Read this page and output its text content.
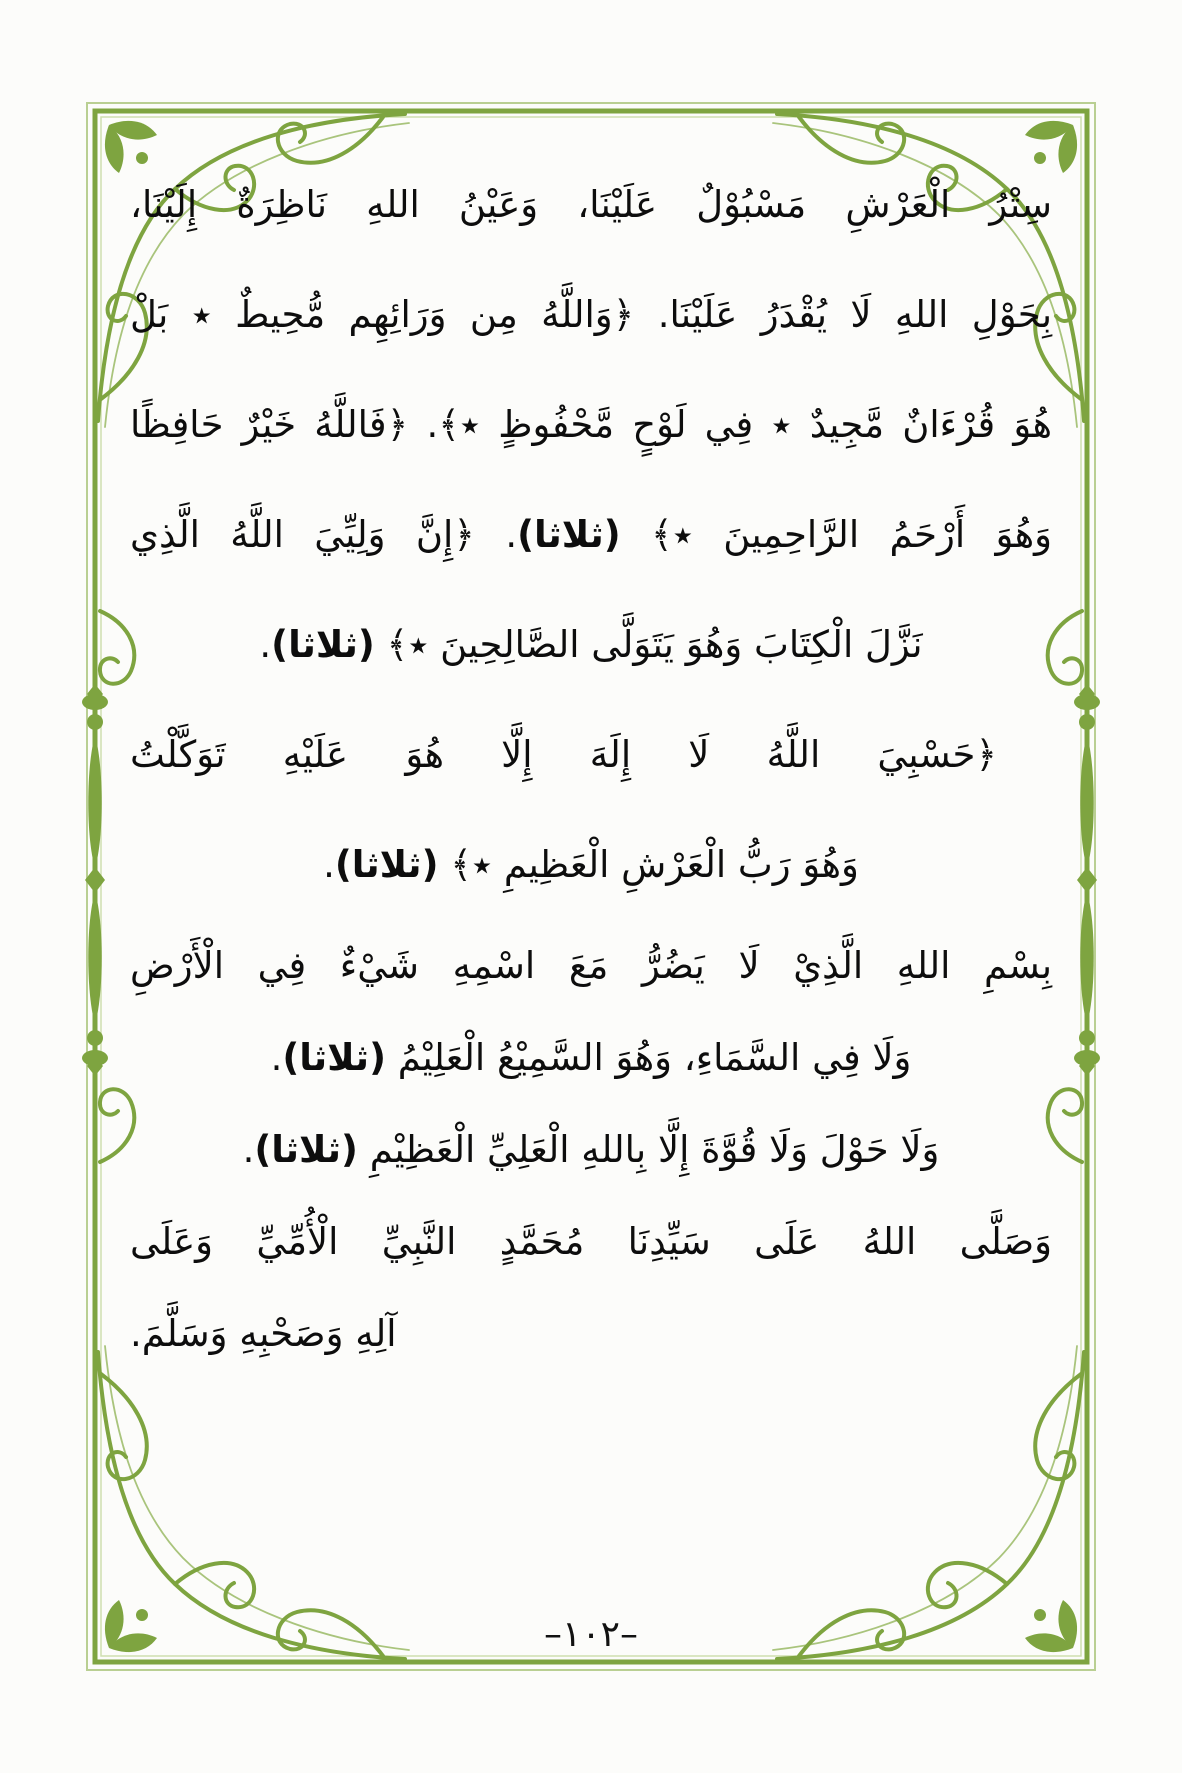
سِتْرُ الْعَرْشِ مَسْبُوْلٌ عَلَيْنَا، وَعَيْنُ اللهِ نَاظِرَةٌ إِلَيْنَا،
بِحَوْلِ اللهِ لَا يُقْدَرُ عَلَيْنَا. ﴿وَاللَّهُ مِن وَرَائِهِم مُّحِيطٌ ٭ بَلْ
هُوَ قُرْءَانٌ مَّجِيدٌ ٭ فِي لَوْحٍ مَّحْفُوظٍ ٭﴾. ﴿فَاللَّهُ خَيْرٌ حَافِظًا
وَهُوَ أَرْحَمُ الرَّاحِمِينَ ٭﴾ (ثلاثا). ﴿إِنَّ وَلِيِّيَ اللَّهُ الَّذِي
نَزَّلَ الْكِتَابَ وَهُوَ يَتَوَلَّى الصَّالِحِينَ ٭﴾ (ثلاثا).
﴿حَسْبِيَ اللَّهُ لَا إِلَهَ إِلَّا هُوَ عَلَيْهِ تَوَكَّلْتُ
وَهُوَ رَبُّ الْعَرْشِ الْعَظِيمِ ٭﴾ (ثلاثا).
بِسْمِ اللهِ الَّذِيْ لَا يَضُرُّ مَعَ اسْمِهِ شَيْءٌ فِي الْأَرْضِ
وَلَا فِي السَّمَاءِ، وَهُوَ السَّمِيْعُ الْعَلِيْمُ (ثلاثا).
وَلَا حَوْلَ وَلَا قُوَّةَ إِلَّا بِاللهِ الْعَلِيِّ الْعَظِيْمِ (ثلاثا).
وَصَلَّى اللهُ عَلَى سَيِّدِنَا مُحَمَّدٍ النَّبِيِّ الْأُمِّيِّ وَعَلَى
آلِهِ وَصَحْبِهِ وَسَلَّمَ.
–١٠٢–
